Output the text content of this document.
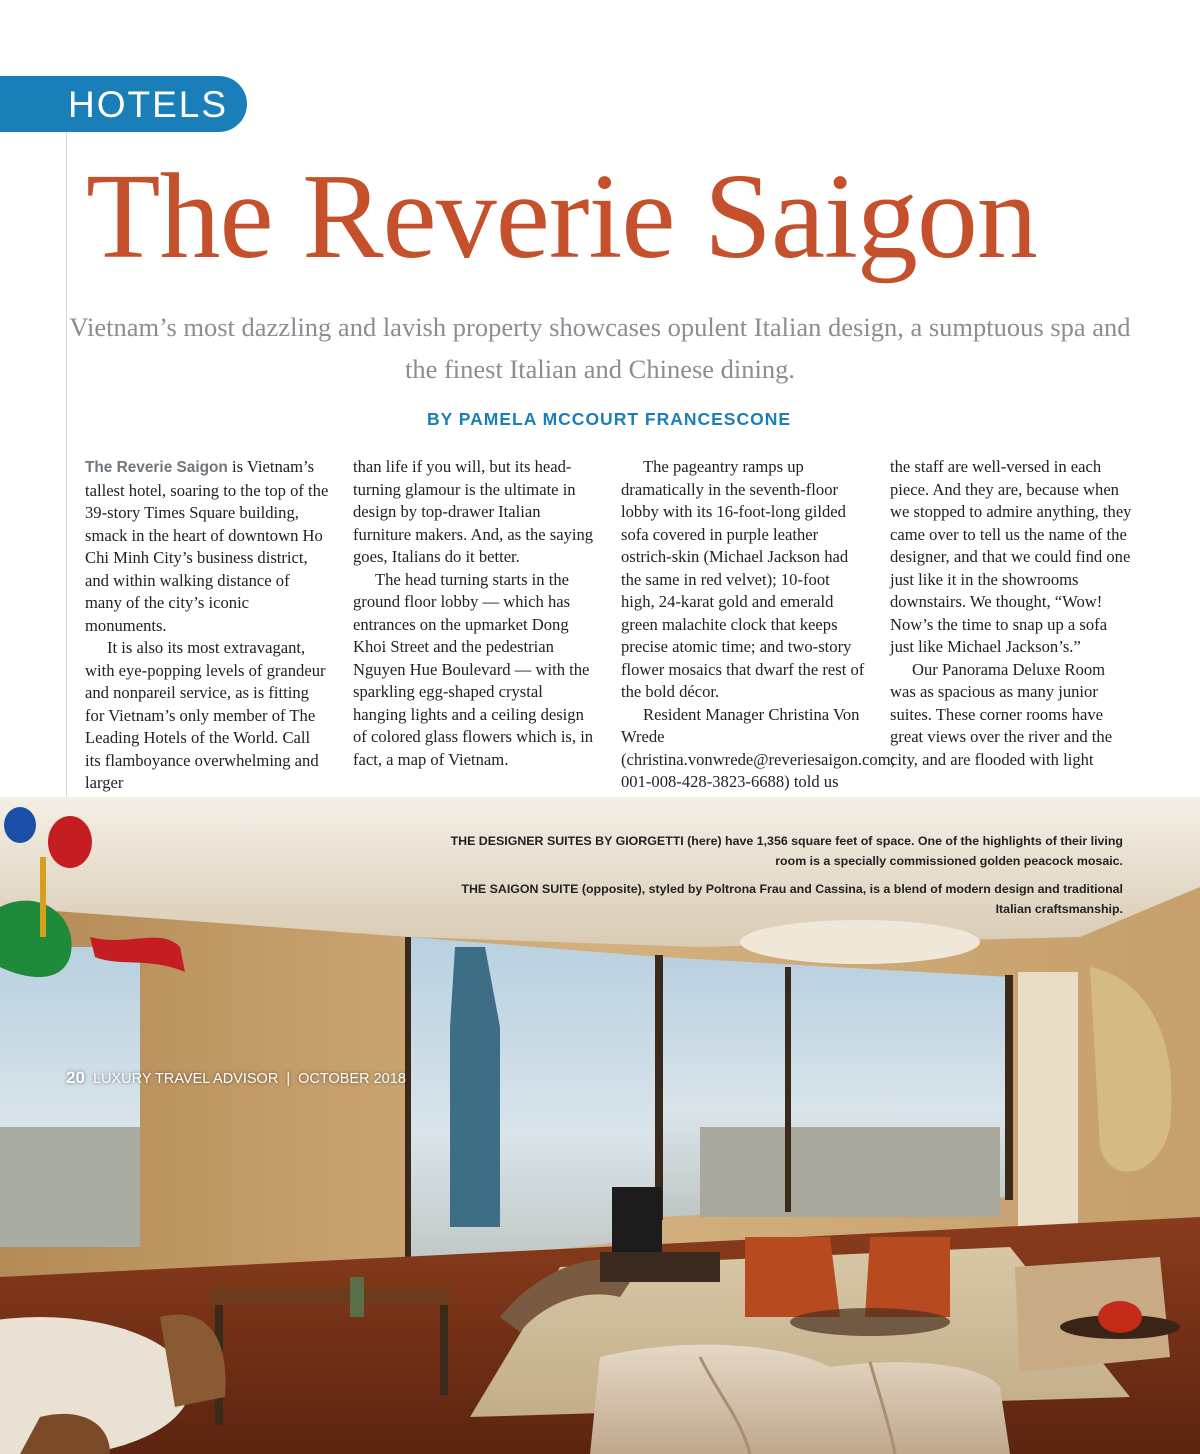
HOTELS
The Reverie Saigon

Vietnam’s most dazzling and lavish property showcases opulent Italian design, a sumptuous spa and the finest Italian and Chinese dining.

BY PAMELA MCCOURT FRANCESCONE

The Reverie Saigon is Vietnam’s tallest hotel, soaring to the top of the 39-story Times Square building, smack in the heart of downtown Ho Chi Minh City’s business district, and within walking distance of many of the city’s iconic monuments.

It is also its most extravagant, with eye-popping levels of grandeur and nonpareil service, as is fitting for Vietnam’s only member of The Leading Hotels of the World. Call its flamboyance overwhelming and larger

than life if you will, but its head-turning glamour is the ultimate in design by top-drawer Italian furniture makers. And, as the saying goes, Italians do it better.

The head turning starts in the ground floor lobby — which has entrances on the upmarket Dong Khoi Street and the pedestrian Nguyen Hue Boulevard — with the sparkling egg-shaped crystal hanging lights and a ceiling design of colored glass flowers which is, in fact, a map of Vietnam.

The pageantry ramps up dramatically in the seventh-floor lobby with its 16-foot-long gilded sofa covered in purple leather ostrich-skin (Michael Jackson had the same in red velvet); 10-foot high, 24-karat gold and emerald green malachite clock that keeps precise atomic time; and two-story flower mosaics that dwarf the rest of the bold décor.

Resident Manager Christina Von Wrede (christina.vonwrede@reveriesaigon.com; 001-008-428-3823-6688) told us

the staff are well-versed in each piece. And they are, because when we stopped to admire anything, they came over to tell us the name of the designer, and that we could find one just like it in the showrooms downstairs. We thought, “Wow! Now’s the time to snap up a sofa just like Michael Jackson’s.”

Our Panorama Deluxe Room was as spacious as many junior suites. These corner rooms have great views over the river and the city, and are flooded with light

THE DESIGNER SUITES BY GIORGETTI (here) have 1,356 square feet of space. One of the highlights of their living room is a specially commissioned golden peacock mosaic.
THE SAIGON SUITE (opposite), styled by Poltrona Frau and Cassina, is a blend of modern design and traditional Italian craftsmanship.
20 LUXURY TRAVEL ADVISOR | OCTOBER 2018
